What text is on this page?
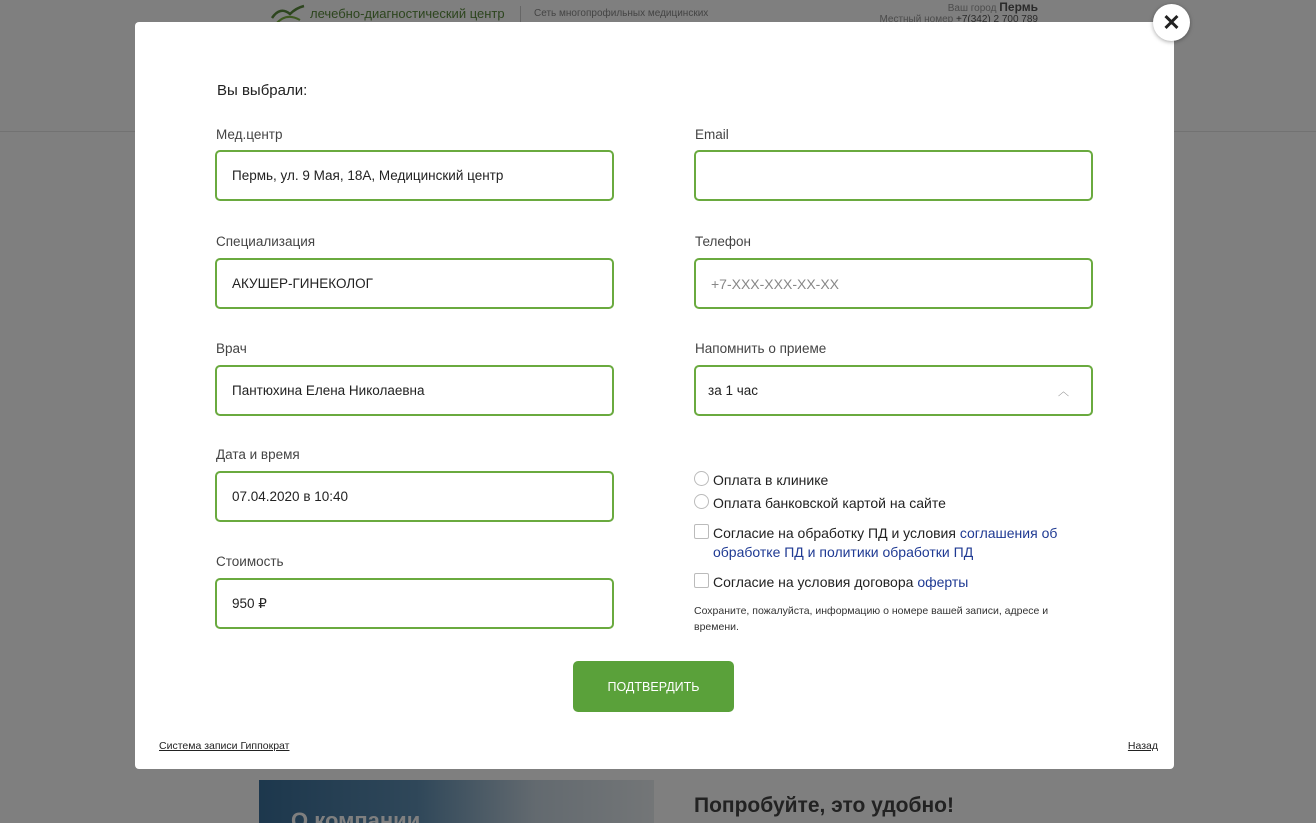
Вы выбрали:
Мед.центр
Пермь, ул. 9 Мая, 18А, Медицинский центр
Специализация
АКУШЕР-ГИНЕКОЛОГ
Врач
Пантюхина Елена Николаевна
Дата и время
07.04.2020 в 10:40
Стоимость
950 ₽
Email
Телефон
+7-XXX-XXX-XX-XX
Напомнить о приеме
за 1 час	︿
Оплата в клинике
Оплата банковской картой на сайте
Согласие на обработку ПД и условия соглашения об обработке ПД и политики обработки ПД
Согласие на условия договора оферты
Сохраните, пожалуйста, информацию о номере вашей записи, адресе и времени.
ПОДТВЕРДИТЬ
Система записи Гиппократ	Назад
✕
